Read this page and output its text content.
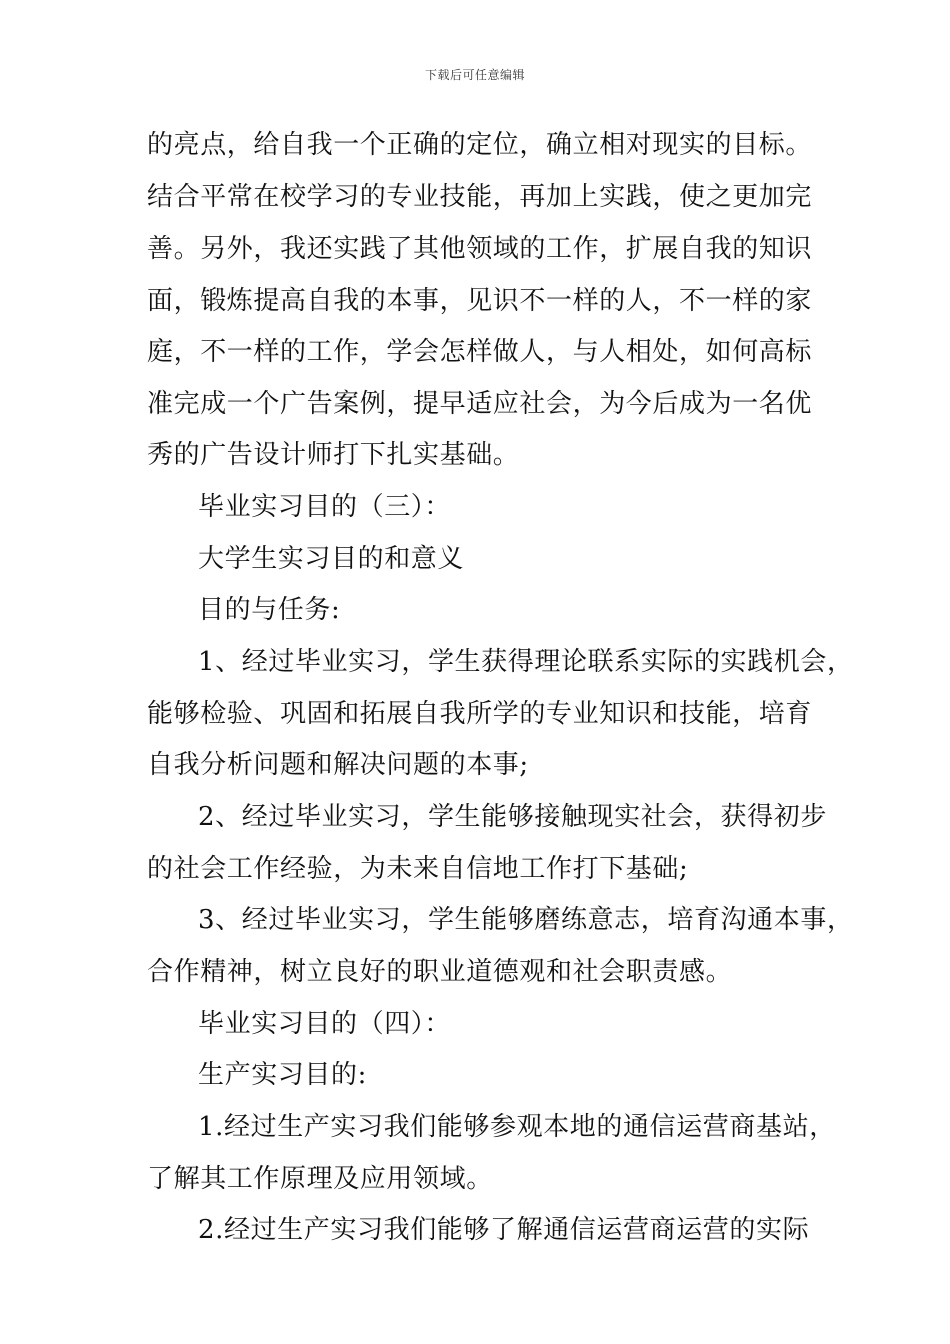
下载后可任意编辑

的亮点，给自我一个正确的定位，确立相对现实的目标。

结合平常在校学习的专业技能，再加上实践，使之更加完

善。另外，我还实践了其他领域的工作，扩展自我的知识

面，锻炼提高自我的本事，见识不一样的人，不一样的家

庭，不一样的工作，学会怎样做人，与人相处，如何高标

准完成一个广告案例，提早适应社会，为今后成为一名优

秀的广告设计师打下扎实基础。

毕业实习目的（三）：

大学生实习目的和意义

目的与任务:

1、经过毕业实习，学生获得理论联系实际的实践机会，

能够检验、巩固和拓展自我所学的专业知识和技能，培育

自我分析问题和解决问题的本事;

2、经过毕业实习，学生能够接触现实社会，获得初步

的社会工作经验，为未来自信地工作打下基础;

3、经过毕业实习，学生能够磨练意志，培育沟通本事，

合作精神，树立良好的职业道德观和社会职责感。

毕业实习目的（四）：

生产实习目的:

1.经过生产实习我们能够参观本地的通信运营商基站，

了解其工作原理及应用领域。

2.经过生产实习我们能够了解通信运营商运营的实际
